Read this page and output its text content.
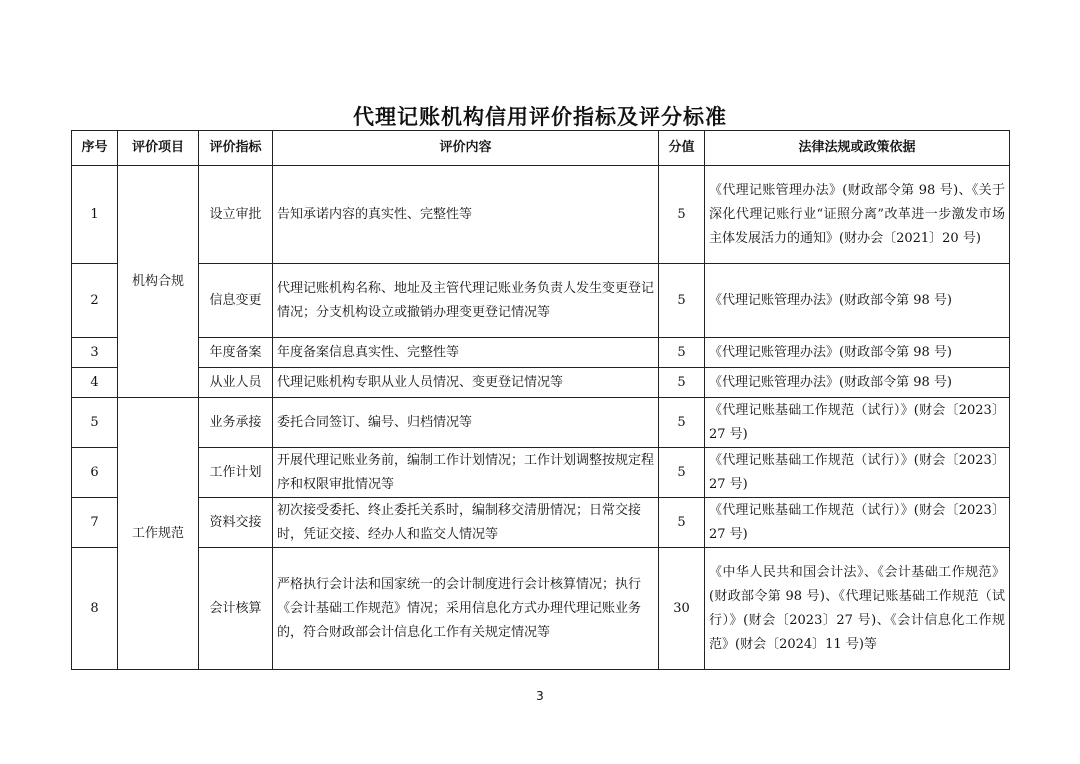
代理记账机构信用评价指标及评分标准
序号	评价项目	评价指标	评价内容	分值	法律法规或政策依据
1	机构合规	设立审批	告知承诺内容的真实性、完整性等	5	《代理记账管理办法》(财政部令第 98 号)、《关于深化代理记账行业“证照分离”改革进一步激发市场主体发展活力的通知》(财办会〔2021〕20 号)
2		信息变更	代理记账机构名称、地址及主管代理记账业务负责人发生变更登记情况；分支机构设立或撤销办理变更登记情况等	5	《代理记账管理办法》(财政部令第 98 号)
3		年度备案	年度备案信息真实性、完整性等	5	《代理记账管理办法》(财政部令第 98 号)
4		从业人员	代理记账机构专职从业人员情况、变更登记情况等	5	《代理记账管理办法》(财政部令第 98 号)
5	工作规范	业务承接	委托合同签订、编号、归档情况等	5	《代理记账基础工作规范（试行）》(财会〔2023〕27 号)
6		工作计划	开展代理记账业务前，编制工作计划情况；工作计划调整按规定程序和权限审批情况等	5	《代理记账基础工作规范（试行）》(财会〔2023〕27 号)
7		资料交接	初次接受委托、终止委托关系时，编制移交清册情况；日常交接时，凭证交接、经办人和监交人情况等	5	《代理记账基础工作规范（试行）》(财会〔2023〕27 号)
8		会计核算	严格执行会计法和国家统一的会计制度进行会计核算情况；执行《会计基础工作规范》情况；采用信息化方式办理代理记账业务的，符合财政部会计信息化工作有关规定情况等	30	《中华人民共和国会计法》、《会计基础工作规范》(财政部令第 98 号)、《代理记账基础工作规范（试行）》(财会〔2023〕27 号)、《会计信息化工作规范》(财会〔2024〕11 号)等
3
